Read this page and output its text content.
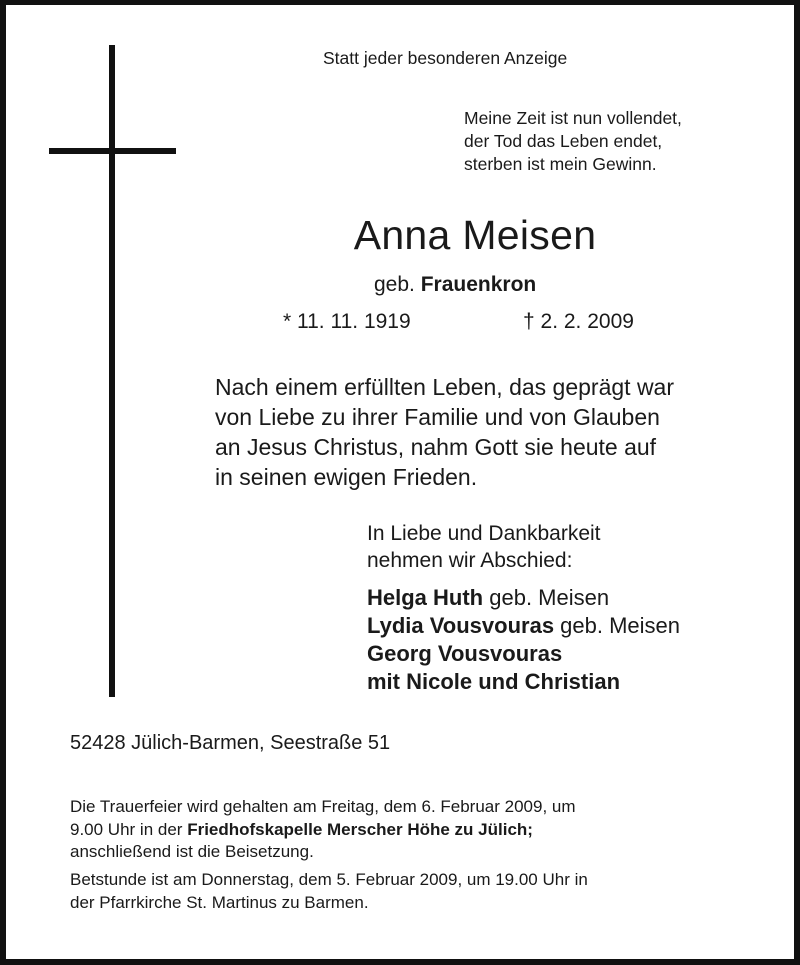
Statt jeder besonderen Anzeige

Meine Zeit ist nun vollendet,
der Tod das Leben endet,
sterben ist mein Gewinn.
Anna Meisen
geb. Frauenkron
* 11. 11. 1919	† 2. 2. 2009
Nach einem erfüllten Leben, das geprägt war
von Liebe zu ihrer Familie und von Glauben
an Jesus Christus, nahm Gott sie heute auf
in seinen ewigen Frieden.
In Liebe und Dankbarkeit
nehmen wir Abschied:
Helga Huth geb. Meisen
Lydia Vousvouras geb. Meisen
Georg Vousvouras
mit Nicole und Christian
52428 Jülich-Barmen, Seestraße 51
Die Trauerfeier wird gehalten am Freitag, dem 6. Februar 2009, um
9.00 Uhr in der Friedhofskapelle Merscher Höhe zu Jülich;
anschließend ist die Beisetzung.
Betstunde ist am Donnerstag, dem 5. Februar 2009, um 19.00 Uhr in
der Pfarrkirche St. Martinus zu Barmen.
